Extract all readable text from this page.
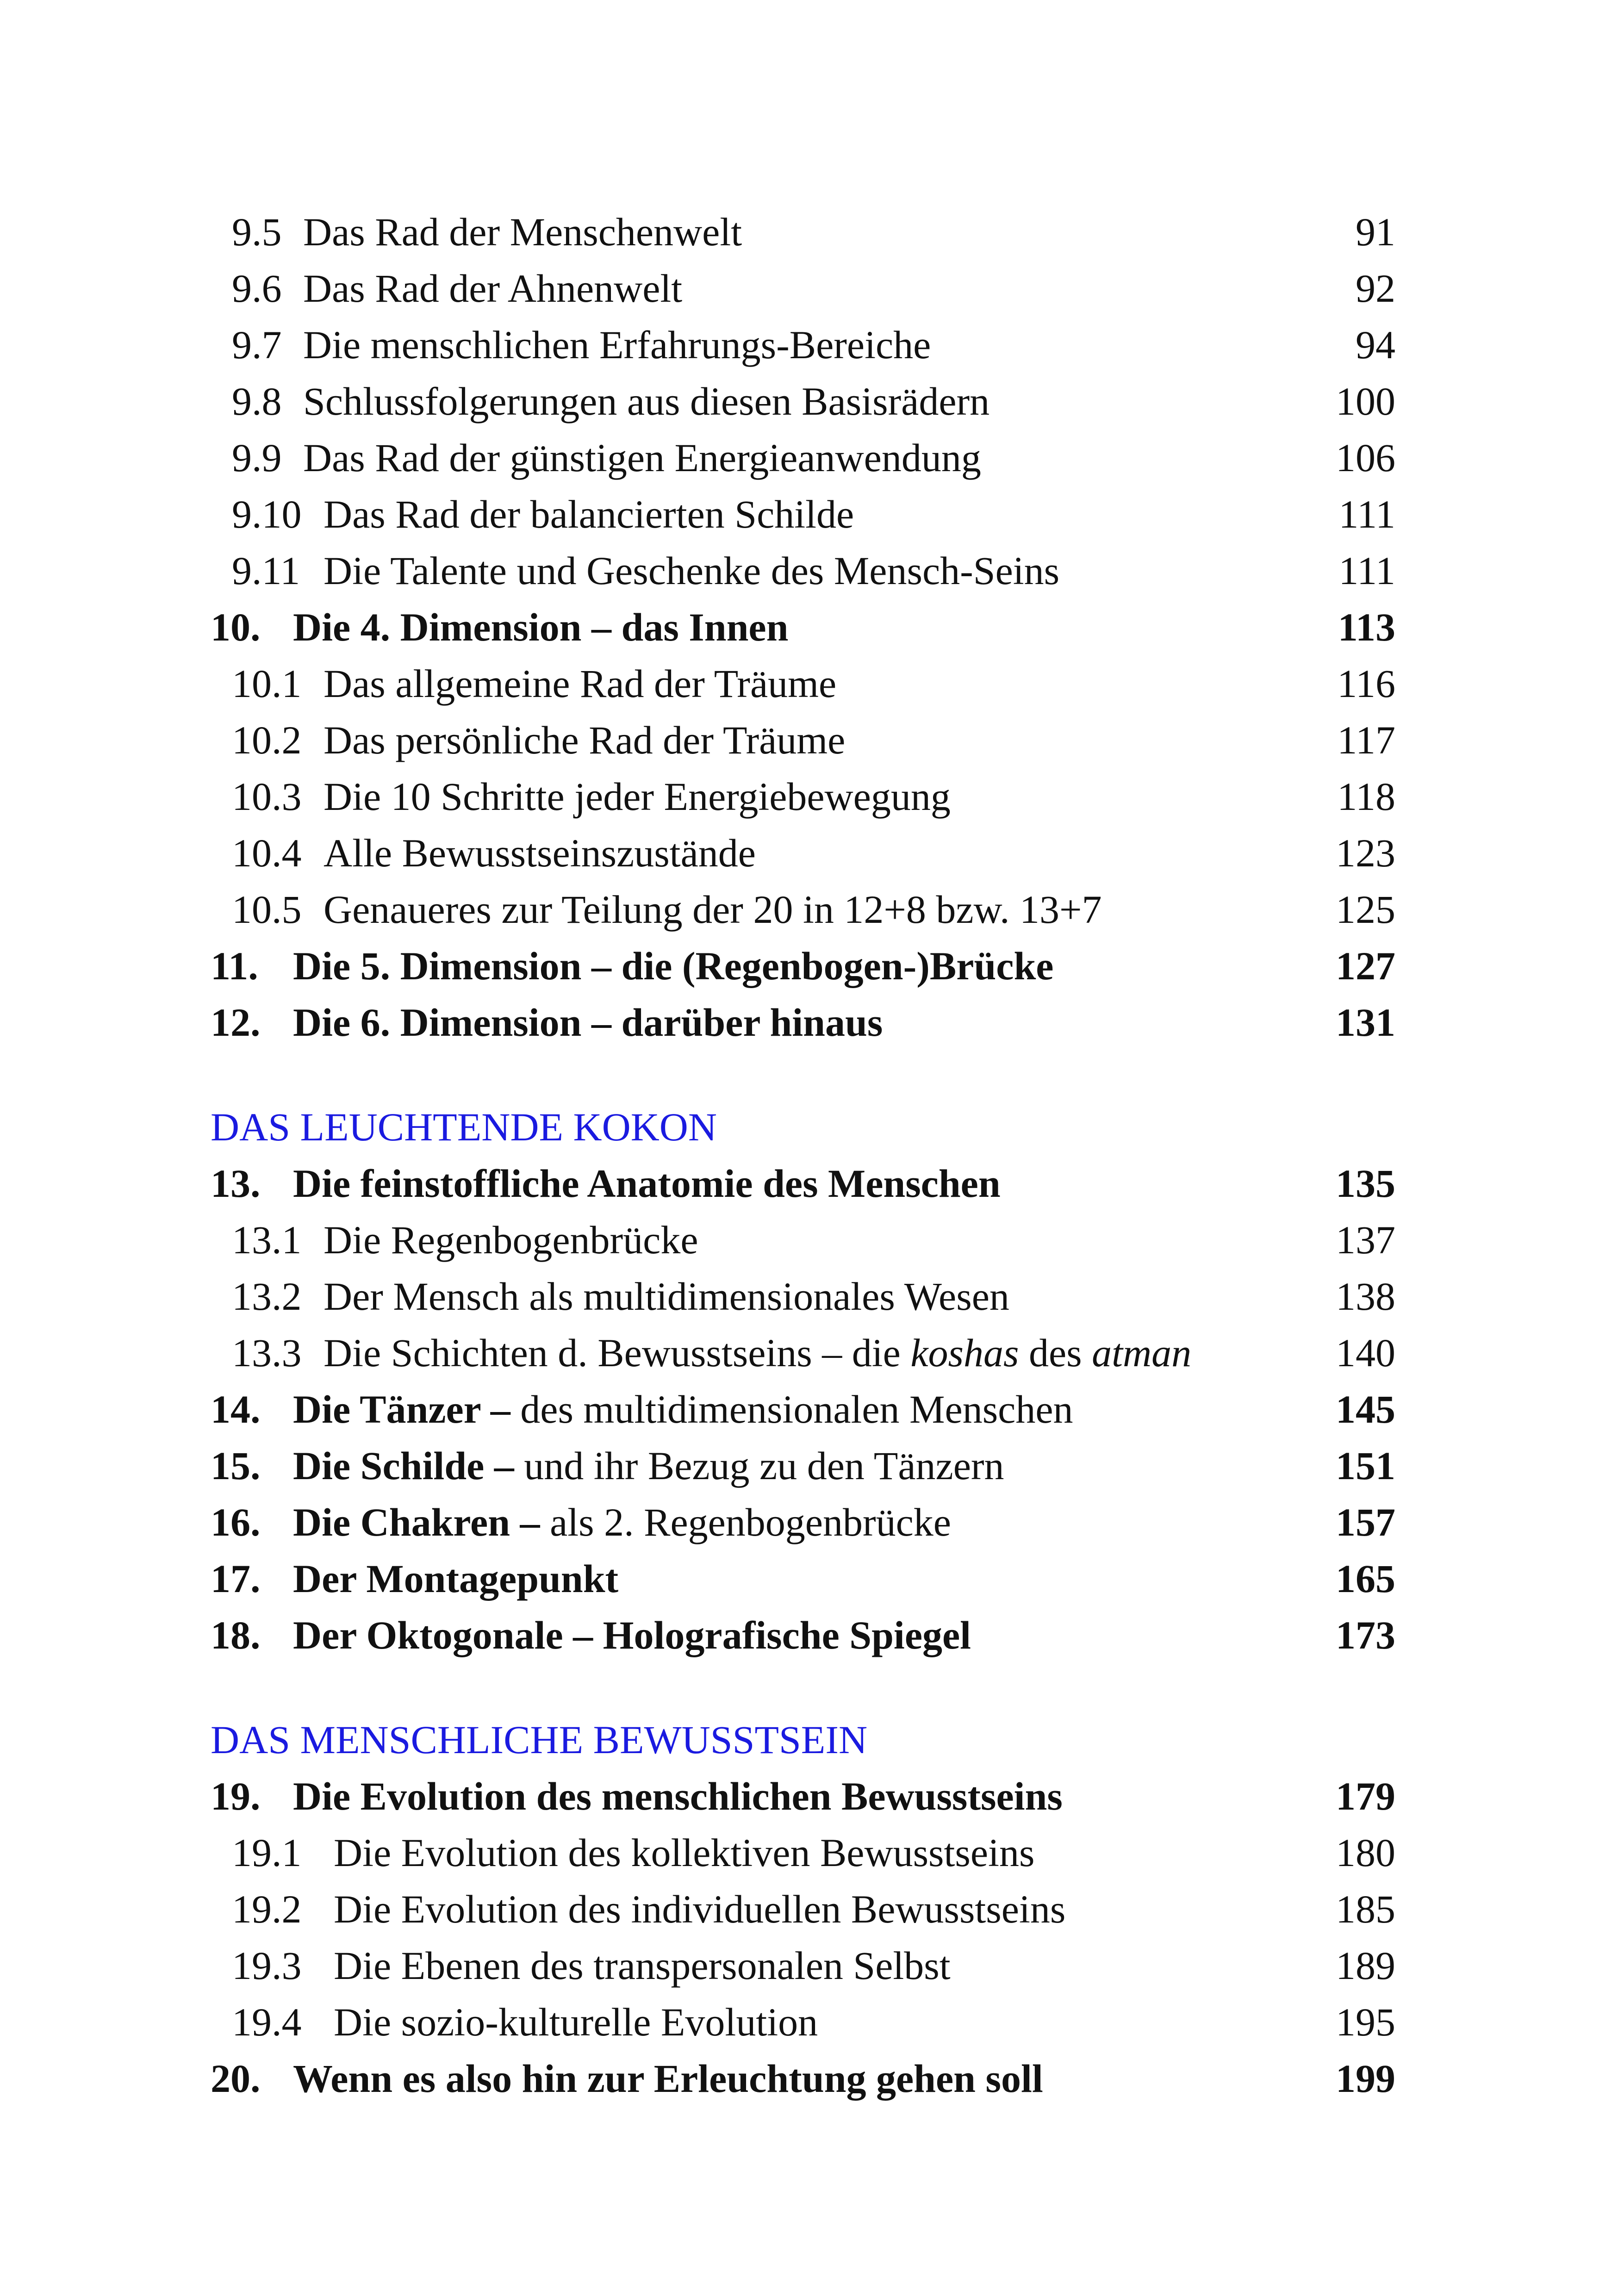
9.5 Das Rad der Menschenwelt	91
9.6 Das Rad der Ahnenwelt	92
9.7 Die menschlichen Erfahrungs-Bereiche	94
9.8 Schlussfolgerungen aus diesen Basisrädern	100
9.9 Das Rad der günstigen Energieanwendung	106
9.10 Das Rad der balancierten Schilde	111
9.11 Die Talente und Geschenke des Mensch-Seins	111
10. Die 4. Dimension – das Innen	113
10.1 Das allgemeine Rad der Träume	116
10.2 Das persönliche Rad der Träume	117
10.3 Die 10 Schritte jeder Energiebewegung	118
10.4 Alle Bewusstseinszustände	123
10.5 Genaueres zur Teilung der 20 in 12+8 bzw. 13+7	125
11. Die 5. Dimension – die (Regenbogen-)Brücke	127
12. Die 6. Dimension – darüber hinaus	131
DAS LEUCHTENDE KOKON
13. Die feinstoffliche Anatomie des Menschen	135
13.1 Die Regenbogenbrücke	137
13.2 Der Mensch als multidimensionales Wesen	138
13.3 Die Schichten d. Bewusstseins – die koshas des atman	140
14. Die Tänzer – des multidimensionalen Menschen	145
15. Die Schilde – und ihr Bezug zu den Tänzern	151
16. Die Chakren – als 2. Regenbogenbrücke	157
17. Der Montagepunkt	165
18. Der Oktogonale – Holografische Spiegel	173
DAS MENSCHLICHE BEWUSSTSEIN
19. Die Evolution des menschlichen Bewusstseins	179
19.1 Die Evolution des kollektiven Bewusstseins	180
19.2 Die Evolution des individuellen Bewusstseins	185
19.3 Die Ebenen des transpersonalen Selbst	189
19.4 Die sozio-kulturelle Evolution	195
20. Wenn es also hin zur Erleuchtung gehen soll	199
